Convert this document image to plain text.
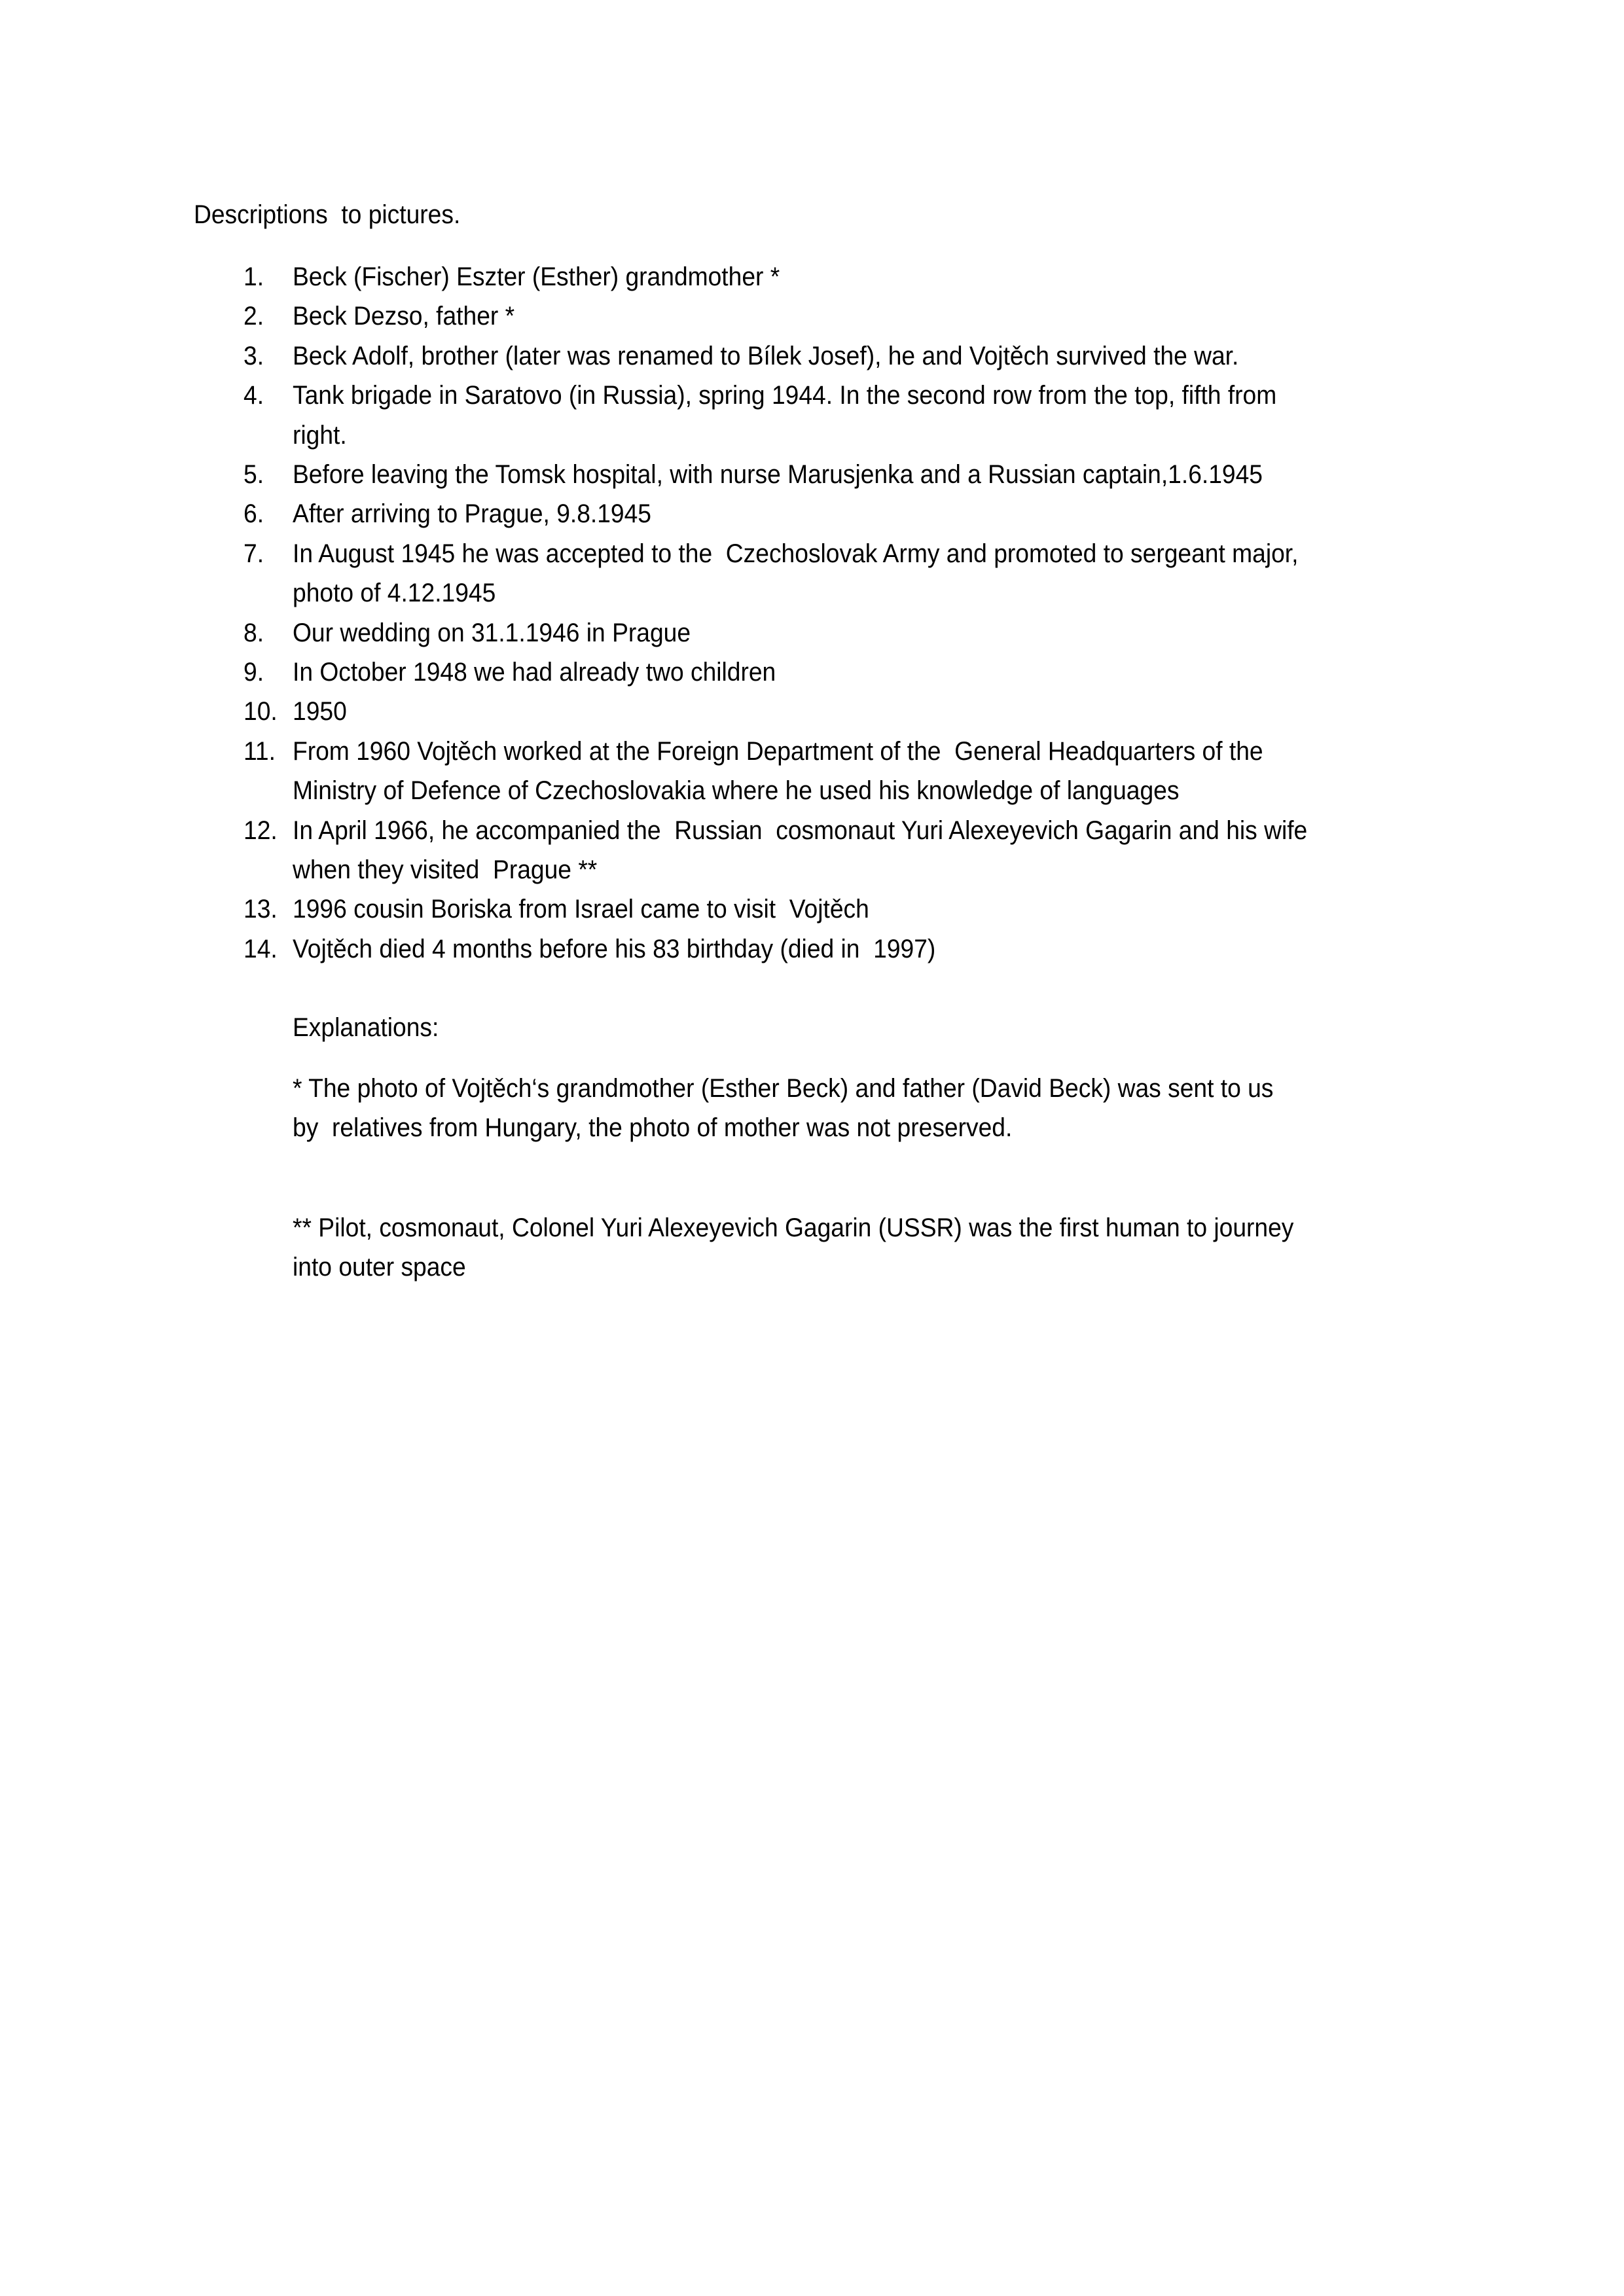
Descriptions  to pictures.
1. Beck (Fischer) Eszter (Esther) grandmother *
2. Beck Dezso, father *
3. Beck Adolf, brother (later was renamed to Bílek Josef), he and Vojtěch survived the war.
4. Tank brigade in Saratovo (in Russia), spring 1944. In the second row from the top, fifth from
right.
5. Before leaving the Tomsk hospital, with nurse Marusjenka and a Russian captain,1.6.1945
6. After arriving to Prague, 9.8.1945
7. In August 1945 he was accepted to the  Czechoslovak Army and promoted to sergeant major,
photo of 4.12.1945
8. Our wedding on 31.1.1946 in Prague
9. In October 1948 we had already two children
10. 1950
11. From 1960 Vojtěch worked at the Foreign Department of the  General Headquarters of the
Ministry of Defence of Czechoslovakia where he used his knowledge of languages
12. In April 1966, he accompanied the  Russian  cosmonaut Yuri Alexeyevich Gagarin and his wife
when they visited  Prague **
13. 1996 cousin Boriska from Israel came to visit  Vojtěch
14. Vojtěch died 4 months before his 83 birthday (died in  1997)
Explanations:
* The photo of Vojtěch‘s grandmother (Esther Beck) and father (David Beck) was sent to us
by  relatives from Hungary, the photo of mother was not preserved.
** Pilot, cosmonaut, Colonel Yuri Alexeyevich Gagarin (USSR) was the first human to journey
into outer space
